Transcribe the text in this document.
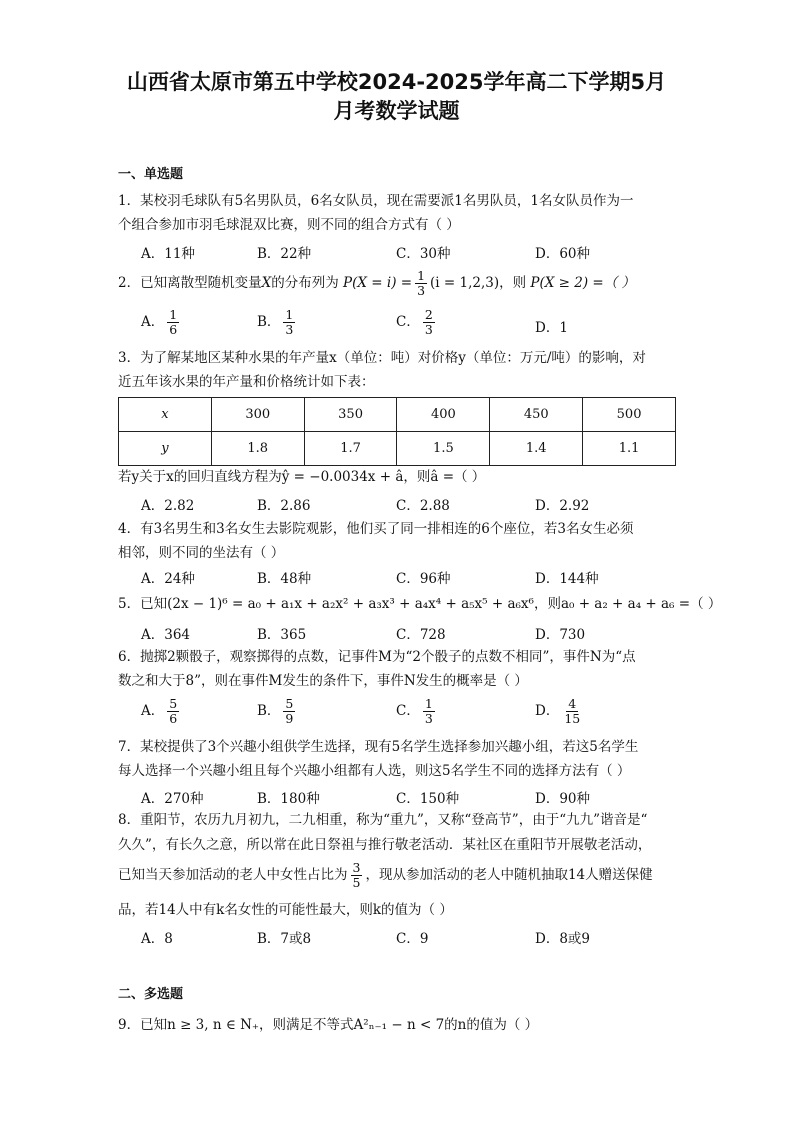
山西省太原市第五中学校2024-2025学年高二下学期5月
月考数学试题
一、单选题
1．某校羽毛球队有5名男队员，6名女队员，现在需要派1名男队员，1名女队员作为一
个组合参加市羽毛球混双比赛，则不同的组合方式有（ ）
A．11种	B．22种	C．30种	D．60种
2．已知离散型随机变量X的分布列为 $P(X = i) = \frac{1}{3} (i = 1,2,3)$，则 P(X ≥ 2) =（ ）
A． $\frac{1}{6}$	B． $\frac{1}{3}$	C． $\frac{2}{3}$	D．1
3．为了解某地区某种水果的年产量x（单位：吨）对价格y（单位：万元/吨）的影响，对
近五年该水果的年产量和价格统计如下表：
x	300	350	400	450	500
y	1.8	1.7	1.5	1.4	1.1
若y关于x的回归直线方程为ŷ = −0.0034x + â，则â =（ ）
A．2.82	B．2.86	C．2.88	D．2.92
4．有3名男生和3名女生去影院观影，他们买了同一排相连的6个座位，若3名女生必须
相邻，则不同的坐法有（ ）
A．24种	B．48种	C．96种	D．144种
5．已知(2x − 1)⁶ = a₀ + a₁x + a₂x² + a₃x³ + a₄x⁴ + a₅x⁵ + a₆x⁶，则a₀ + a₂ + a₄ + a₆ =（ ）
A．364	B．365	C．728	D．730
6．抛掷2颗骰子，观察掷得的点数，记事件M为“2个骰子的点数不相同”，事件N为“点
数之和大于8”，则在事件M发生的条件下，事件N发生的概率是（ ）
A． $\frac{5}{6}$	B． $\frac{5}{9}$	C． $\frac{1}{3}$	D． $\frac{4}{15}$
7．某校提供了3个兴趣小组供学生选择，现有5名学生选择参加兴趣小组，若这5名学生
每人选择一个兴趣小组且每个兴趣小组都有人选，则这5名学生不同的选择方法有（ ）
A．270种	B．180种	C．150种	D．90种
8．重阳节，农历九月初九，二九相重，称为“重九”，又称“登高节”，由于“九九”谐音是“
久久”，有长久之意，所以常在此日祭祖与推行敬老活动．某社区在重阳节开展敬老活动，
已知当天参加活动的老人中女性占比为 $\frac{3}{5}$ ，现从参加活动的老人中随机抽取14人赠送保健
品，若14人中有k名女性的可能性最大，则k的值为（ ）
A．8	B．7或8	C．9	D．8或9
二、多选题
9．已知n ≥ 3, n ∈ N₊，则满足不等式A²ₙ₋₁ − n < 7的n的值为（ ）
